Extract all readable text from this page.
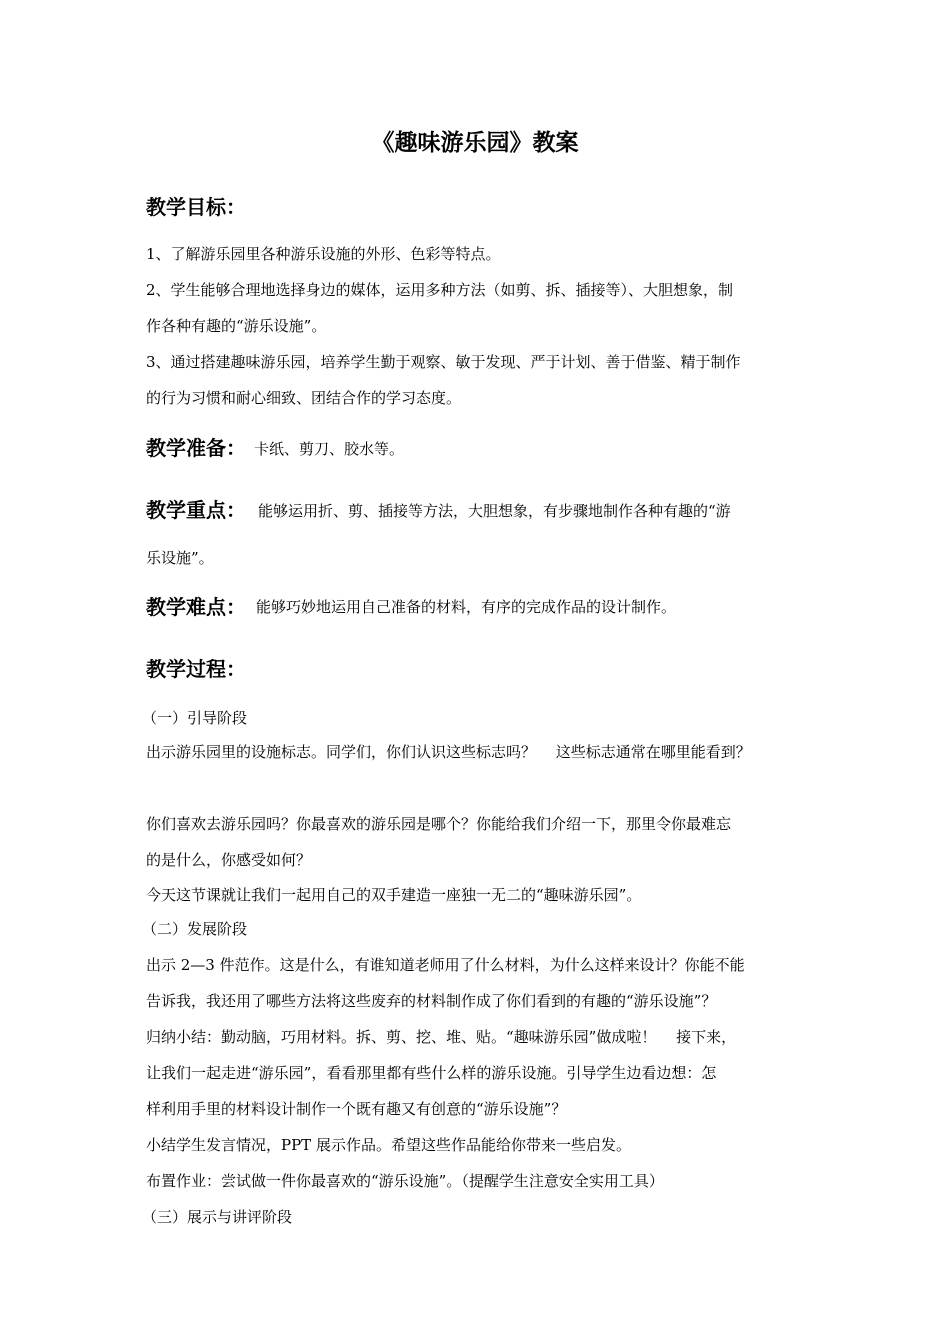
《趣味游乐园》教案
教学目标：
1、了解游乐园里各种游乐设施的外形、色彩等特点。
2、学生能够合理地选择身边的媒体，运用多种方法（如剪、拆、插接等）、大胆想象，制
作各种有趣的“游乐设施”。
3、通过搭建趣味游乐园，培养学生勤于观察、敏于发现、严于计划、善于借鉴、精于制作
的行为习惯和耐心细致、团结合作的学习态度。
教学准备： 卡纸、剪刀、胶水等。
教学重点： 能够运用折、剪、插接等方法，大胆想象，有步骤地制作各种有趣的“游
乐设施”。
教学难点： 能够巧妙地运用自己准备的材料，有序的完成作品的设计制作。
教学过程：
（一）引导阶段
出示游乐园里的设施标志。同学们，你们认识这些标志吗？　 这些标志通常在哪里能看到？
你们喜欢去游乐园吗？你最喜欢的游乐园是哪个？你能给我们介绍一下，那里令你最难忘
的是什么，你感受如何？
今天这节课就让我们一起用自己的双手建造一座独一无二的“趣味游乐园”。
（二）发展阶段
出示 2—3 件范作。这是什么，有谁知道老师用了什么材料，为什么这样来设计？你能不能
告诉我，我还用了哪些方法将这些废弃的材料制作成了你们看到的有趣的“游乐设施”？
归纳小结：勤动脑，巧用材料。拆、剪、挖、堆、贴。“趣味游乐园”做成啦！　 接下来，
让我们一起走进“游乐园”，看看那里都有些什么样的游乐设施。引导学生边看边想：怎
样利用手里的材料设计制作一个既有趣又有创意的“游乐设施”？
小结学生发言情况，PPT 展示作品。希望这些作品能给你带来一些启发。
布置作业：尝试做一件你最喜欢的“游乐设施”。（提醒学生注意安全实用工具）
（三）展示与讲评阶段
